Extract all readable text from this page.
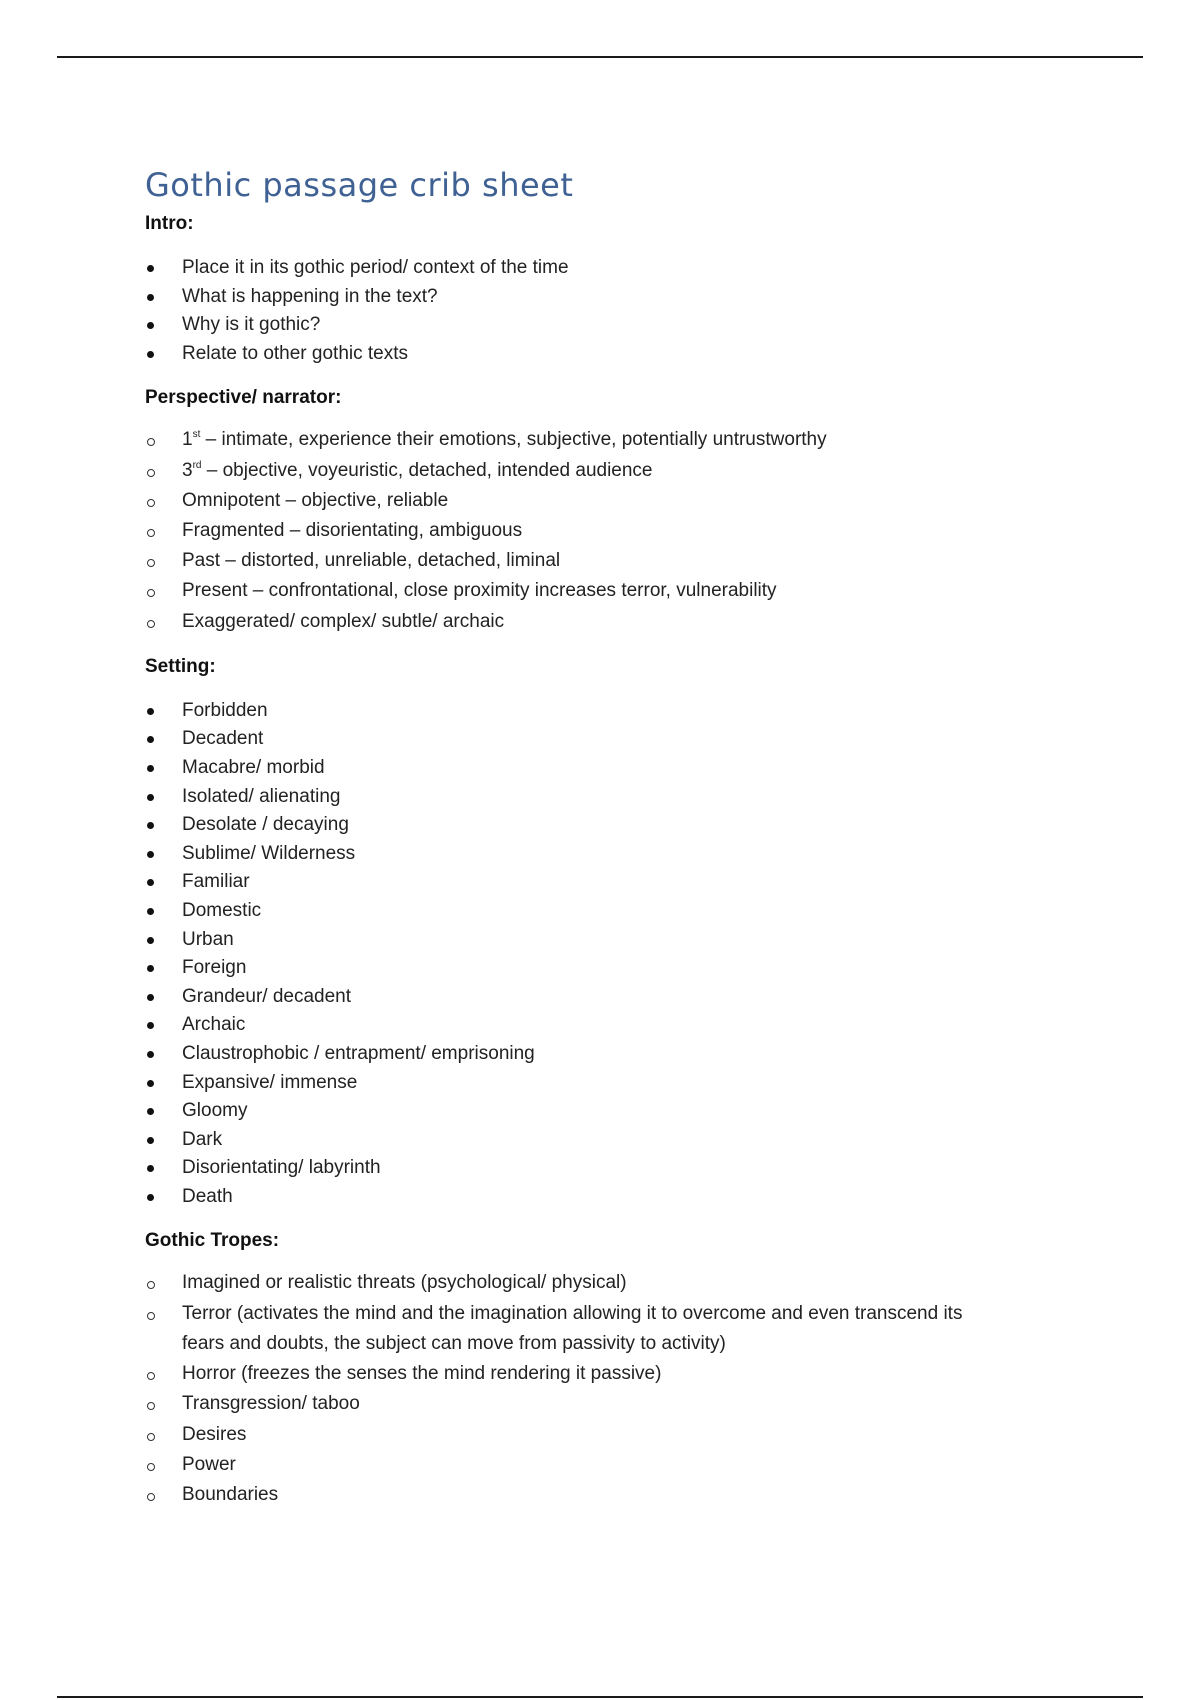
Gothic passage crib sheet

Intro:

Place it in its gothic period/ context of the time
What is happening in the text?
Why is it gothic?
Relate to other gothic texts

Perspective/ narrator:

1st – intimate, experience their emotions, subjective, potentially untrustworthy
3rd – objective, voyeuristic, detached, intended audience
Omnipotent – objective, reliable
Fragmented – disorientating, ambiguous
Past – distorted, unreliable, detached, liminal
Present – confrontational, close proximity increases terror, vulnerability
Exaggerated/ complex/ subtle/ archaic

Setting:

Forbidden
Decadent
Macabre/ morbid
Isolated/ alienating
Desolate / decaying
Sublime/ Wilderness
Familiar
Domestic
Urban
Foreign
Grandeur/ decadent
Archaic
Claustrophobic / entrapment/ emprisoning
Expansive/ immense
Gloomy
Dark
Disorientating/ labyrinth
Death

Gothic Tropes:

Imagined or realistic threats (psychological/ physical)
Terror (activates the mind and the imagination allowing it to overcome and even transcend its fears and doubts, the subject can move from passivity to activity)
Horror (freezes the senses the mind rendering it passive)
Transgression/ taboo
Desires
Power
Boundaries
